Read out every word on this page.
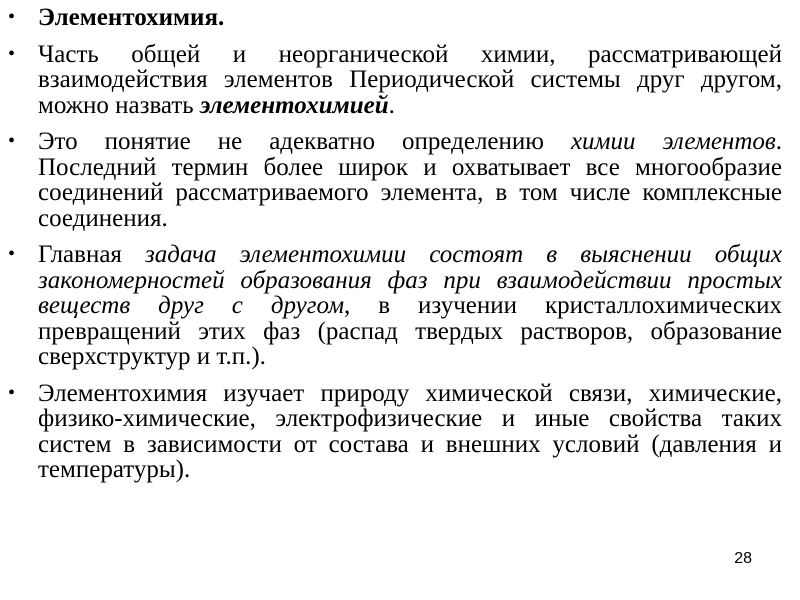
• Элементохимия.
• Часть общей и неорганической химии, рассматривающей взаимодействия элементов Периодической системы друг другом, можно назвать элементохимией.
• Это понятие не адекватно определению химии элементов. Последний термин более широк и охватывает все многообразие соединений рассматриваемого элемента, в том числе комплексные соединения.
• Главная задача элементохимии состоят в выяснении общих закономерностей образования фаз при взаимодействии простых веществ друг с другом, в изучении кристаллохимических превращений этих фаз (распад твердых растворов, образование сверхструктур и т.п.).
• Элементохимия изучает природу химической связи, химические, физико-химические, электрофизические и иные свойства таких систем в зависимости от состава и внешних условий (давления и температуры).
28
